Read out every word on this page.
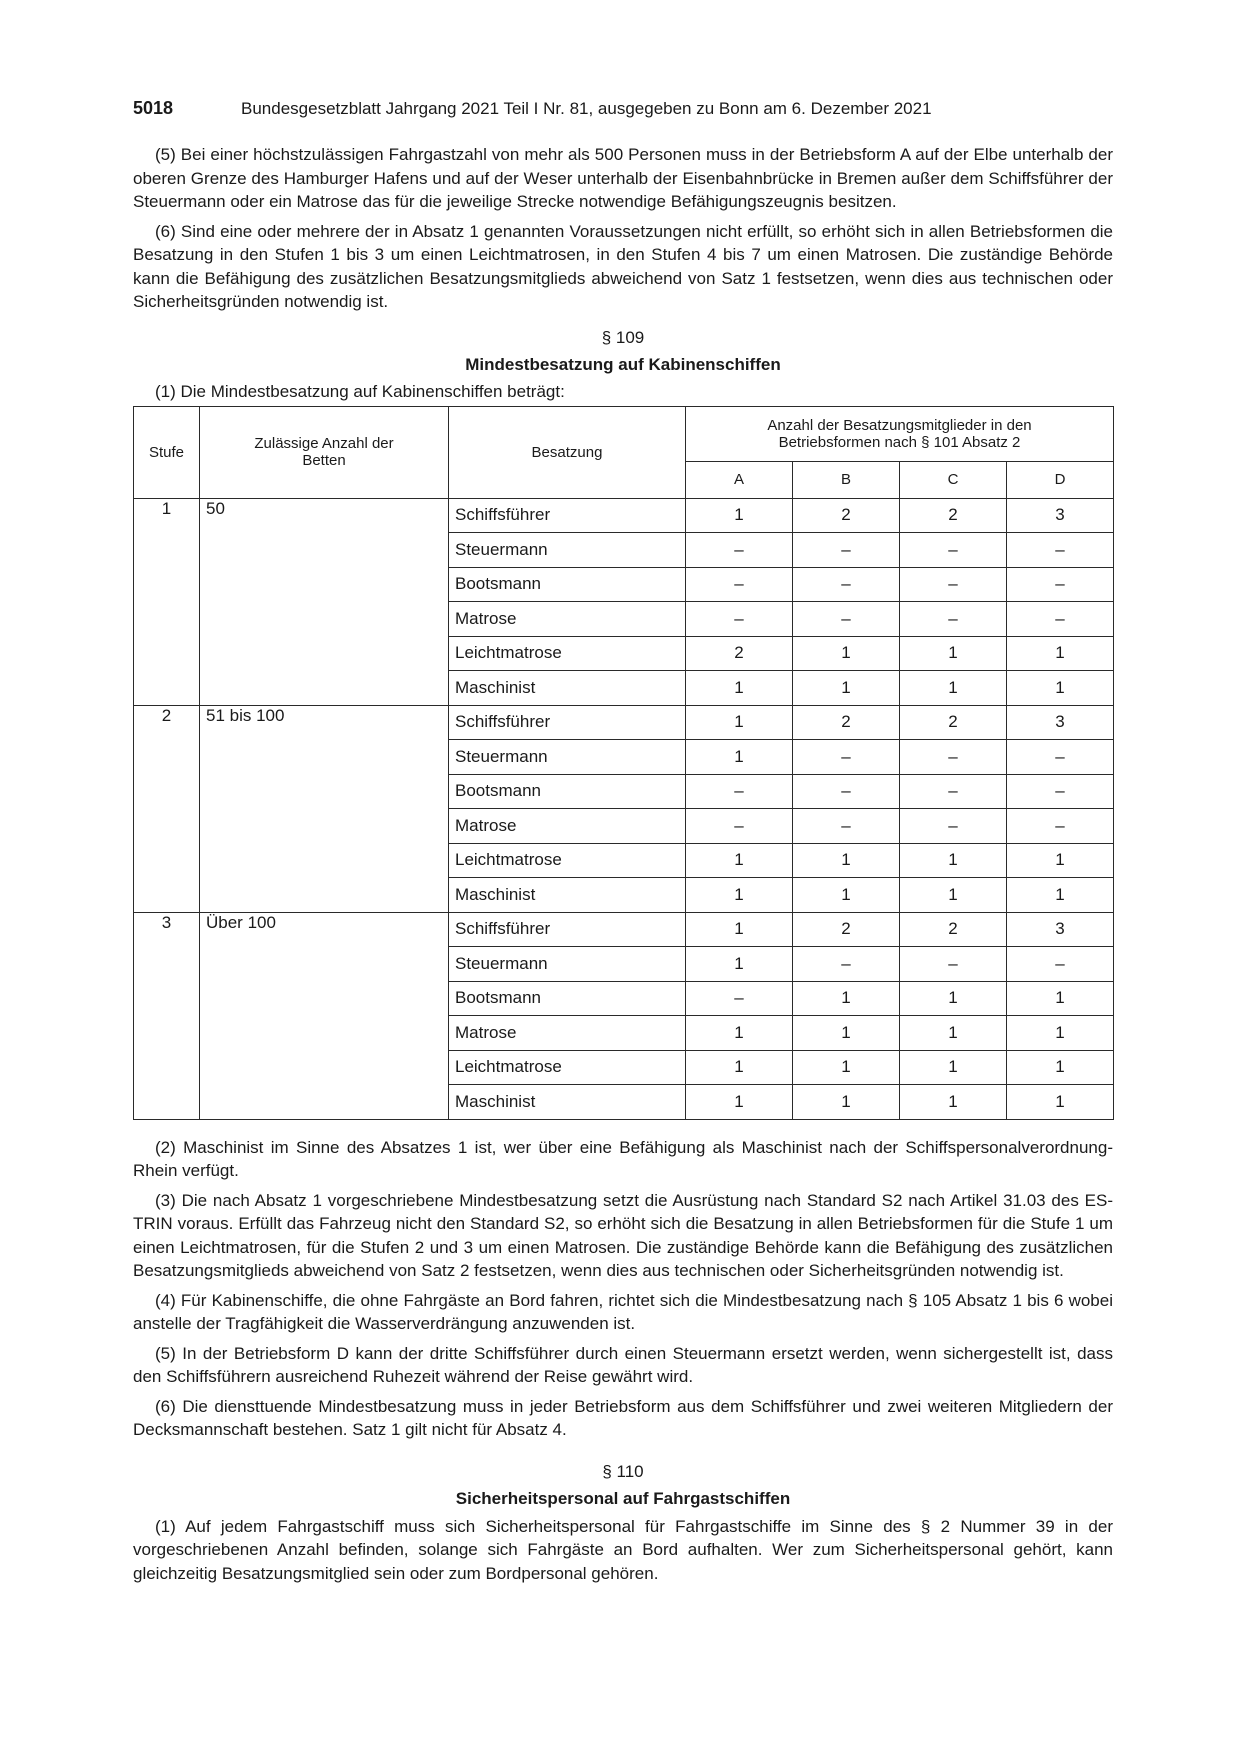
5018	Bundesgesetzblatt Jahrgang 2021 Teil I Nr. 81, ausgegeben zu Bonn am 6. Dezember 2021

(5) Bei einer höchstzulässigen Fahrgastzahl von mehr als 500 Personen muss in der Betriebsform A auf der Elbe unterhalb der oberen Grenze des Hamburger Hafens und auf der Weser unterhalb der Eisenbahnbrücke in Bremen außer dem Schiffsführer der Steuermann oder ein Matrose das für die jeweilige Strecke notwendige Befähigungszeugnis besitzen.

(6) Sind eine oder mehrere der in Absatz 1 genannten Voraussetzungen nicht erfüllt, so erhöht sich in allen Betriebsformen die Besatzung in den Stufen 1 bis 3 um einen Leichtmatrosen, in den Stufen 4 bis 7 um einen Matrosen. Die zuständige Behörde kann die Befähigung des zusätzlichen Besatzungsmitglieds abweichend von Satz 1 festsetzen, wenn dies aus technischen oder Sicherheitsgründen notwendig ist.

§ 109
Mindestbesatzung auf Kabinenschiffen

(1) Die Mindestbesatzung auf Kabinenschiffen beträgt:

Stufe	Zulässige Anzahl der Betten	Besatzung	Anzahl der Besatzungsmitglieder in den Betriebsformen nach § 101 Absatz 2			
			A	B	C	D
1	50	Schiffsführer	1	2	2	3
		Steuermann	–	–	–	–
		Bootsmann	–	–	–	–
		Matrose	–	–	–	–
		Leichtmatrose	2	1	1	1
		Maschinist	1	1	1	1
2	51 bis 100	Schiffsführer	1	2	2	3
		Steuermann	1	–	–	–
		Bootsmann	–	–	–	–
		Matrose	–	–	–	–
		Leichtmatrose	1	1	1	1
		Maschinist	1	1	1	1
3	Über 100	Schiffsführer	1	2	2	3
		Steuermann	1	–	–	–
		Bootsmann	–	1	1	1
		Matrose	1	1	1	1
		Leichtmatrose	1	1	1	1
		Maschinist	1	1	1	1

(2) Maschinist im Sinne des Absatzes 1 ist, wer über eine Befähigung als Maschinist nach der Schiffspersonalverordnung-Rhein verfügt.

(3) Die nach Absatz 1 vorgeschriebene Mindestbesatzung setzt die Ausrüstung nach Standard S2 nach Artikel 31.03 des ES-TRIN voraus. Erfüllt das Fahrzeug nicht den Standard S2, so erhöht sich die Besatzung in allen Betriebsformen für die Stufe 1 um einen Leichtmatrosen, für die Stufen 2 und 3 um einen Matrosen. Die zuständige Behörde kann die Befähigung des zusätzlichen Besatzungsmitglieds abweichend von Satz 2 festsetzen, wenn dies aus technischen oder Sicherheitsgründen notwendig ist.

(4) Für Kabinenschiffe, die ohne Fahrgäste an Bord fahren, richtet sich die Mindestbesatzung nach § 105 Absatz 1 bis 6 wobei anstelle der Tragfähigkeit die Wasserverdrängung anzuwenden ist.

(5) In der Betriebsform D kann der dritte Schiffsführer durch einen Steuermann ersetzt werden, wenn sichergestellt ist, dass den Schiffsführern ausreichend Ruhezeit während der Reise gewährt wird.

(6) Die diensttuende Mindestbesatzung muss in jeder Betriebsform aus dem Schiffsführer und zwei weiteren Mitgliedern der Decksmannschaft bestehen. Satz 1 gilt nicht für Absatz 4.

§ 110
Sicherheitspersonal auf Fahrgastschiffen

(1) Auf jedem Fahrgastschiff muss sich Sicherheitspersonal für Fahrgastschiffe im Sinne des § 2 Nummer 39 in der vorgeschriebenen Anzahl befinden, solange sich Fahrgäste an Bord aufhalten. Wer zum Sicherheitspersonal gehört, kann gleichzeitig Besatzungsmitglied sein oder zum Bordpersonal gehören.
